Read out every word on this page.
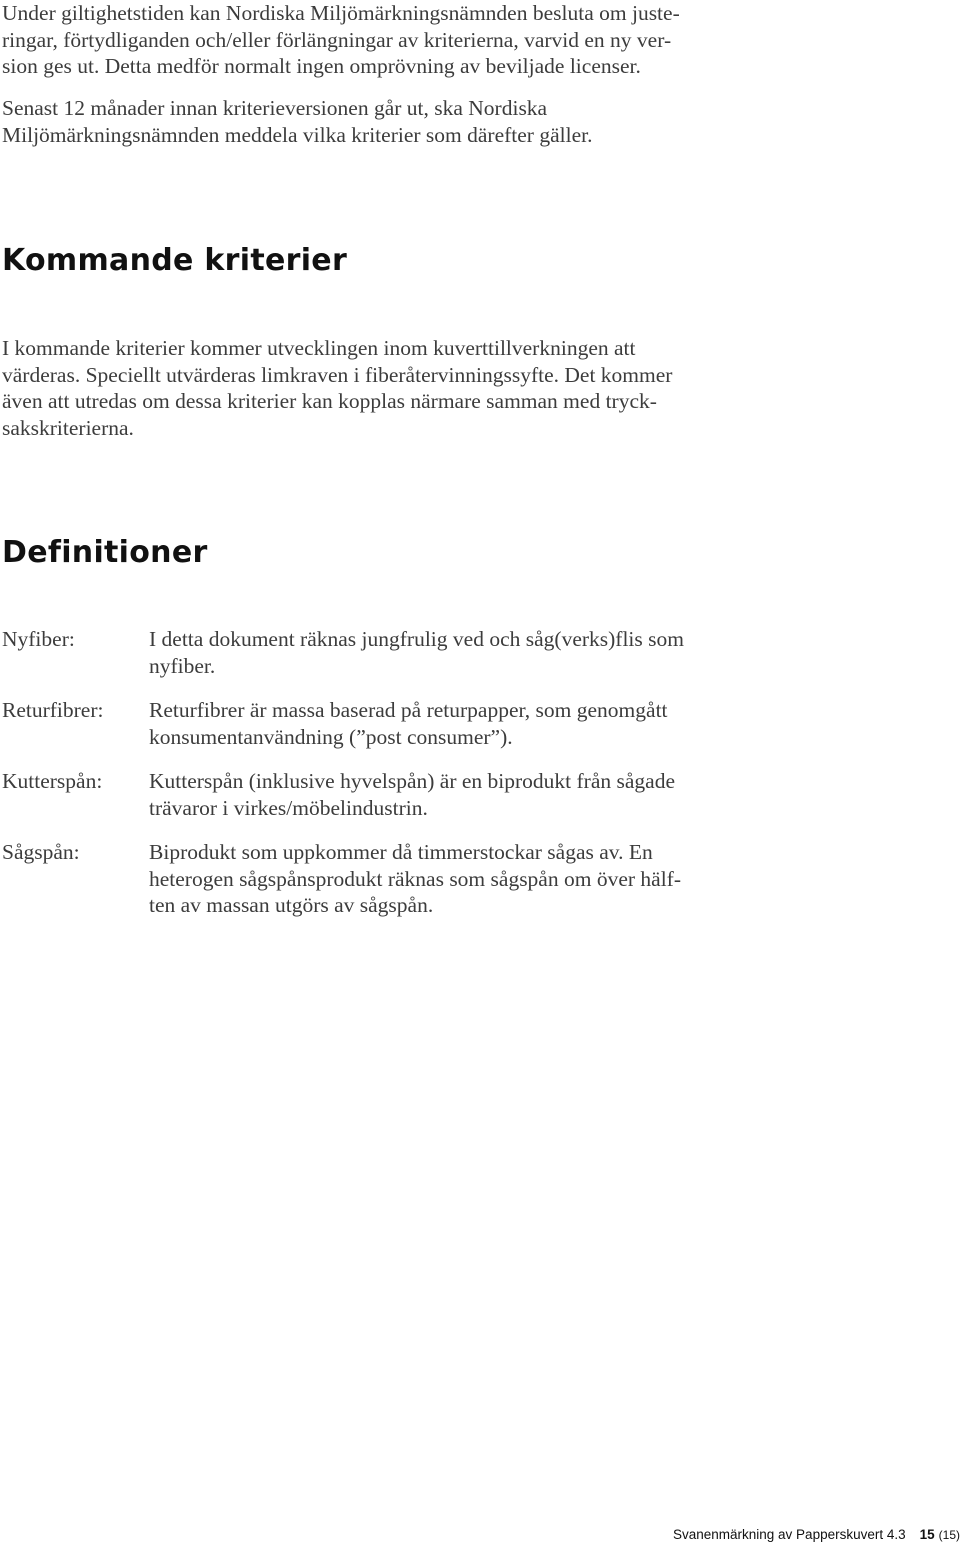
Under giltighetstiden kan Nordiska Miljömärkningsnämnden besluta om juste-
ringar, förtydliganden och/eller förlängningar av kriterierna, varvid en ny ver-
sion ges ut. Detta medför normalt ingen omprövning av beviljade licenser.

Senast 12 månader innan kriterieversionen går ut, ska Nordiska
Miljömärkningsnämnden meddela vilka kriterier som därefter gäller.

Kommande kriterier

I kommande kriterier kommer utvecklingen inom kuverttillverkningen att
värderas. Speciellt utvärderas limkraven i fiberåtervinningssyfte. Det kommer
även att utredas om dessa kriterier kan kopplas närmare samman med tryck-
sakskriterierna.

Definitioner

Nyfiber:	I detta dokument räknas jungfrulig ved och såg(verks)flis som
nyfiber.

Returfibrer: Returfibrer är massa baserad på returpapper, som genomgått
konsumentanvändning (”post consumer”).

Kutterspån: Kutterspån (inklusive hyvelspån) är en biprodukt från sågade
trävaror i virkes/möbelindustrin.

Sågspån:	Biprodukt som uppkommer då timmerstockar sågas av. En
heterogen sågspånsprodukt räknas som sågspån om över hälf-
ten av massan utgörs av sågspån.

Svanenmärkning av Papperskuvert 4.3 15 (15)
